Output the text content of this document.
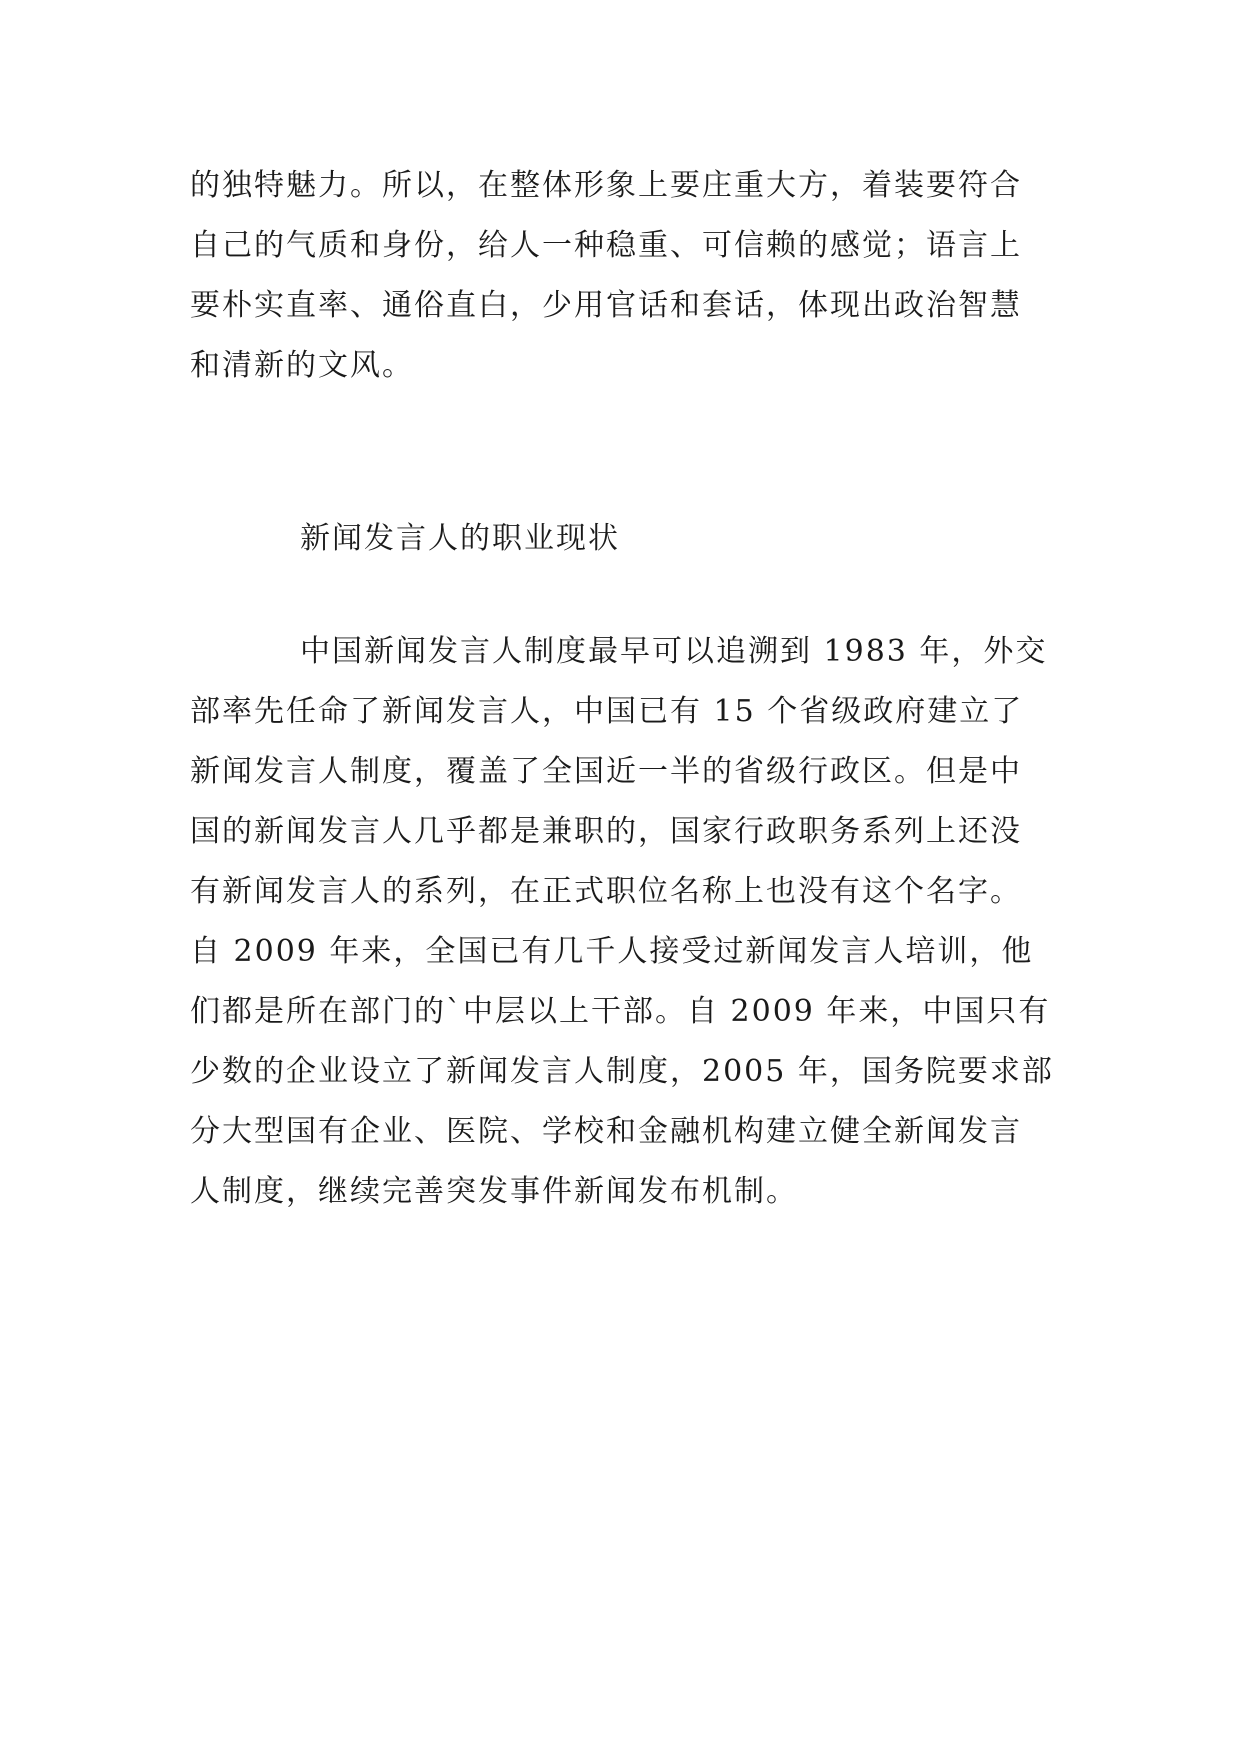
的独特魅力。所以，在整体形象上要庄重大方，着装要符合
自己的气质和身份，给人一种稳重、可信赖的感觉；语言上
要朴实直率、通俗直白，少用官话和套话，体现出政治智慧
和清新的文风。
新闻发言人的职业现状
中国新闻发言人制度最早可以追溯到 1983 年，外交
部率先任命了新闻发言人，中国已有 15 个省级政府建立了
新闻发言人制度，覆盖了全国近一半的省级行政区。但是中
国的新闻发言人几乎都是兼职的，国家行政职务系列上还没
有新闻发言人的系列，在正式职位名称上也没有这个名字。
自 2009 年来，全国已有几千人接受过新闻发言人培训，他
们都是所在部门的`中层以上干部。自 2009 年来，中国只有
少数的企业设立了新闻发言人制度，2005 年，国务院要求部
分大型国有企业、医院、学校和金融机构建立健全新闻发言
人制度，继续完善突发事件新闻发布机制。
